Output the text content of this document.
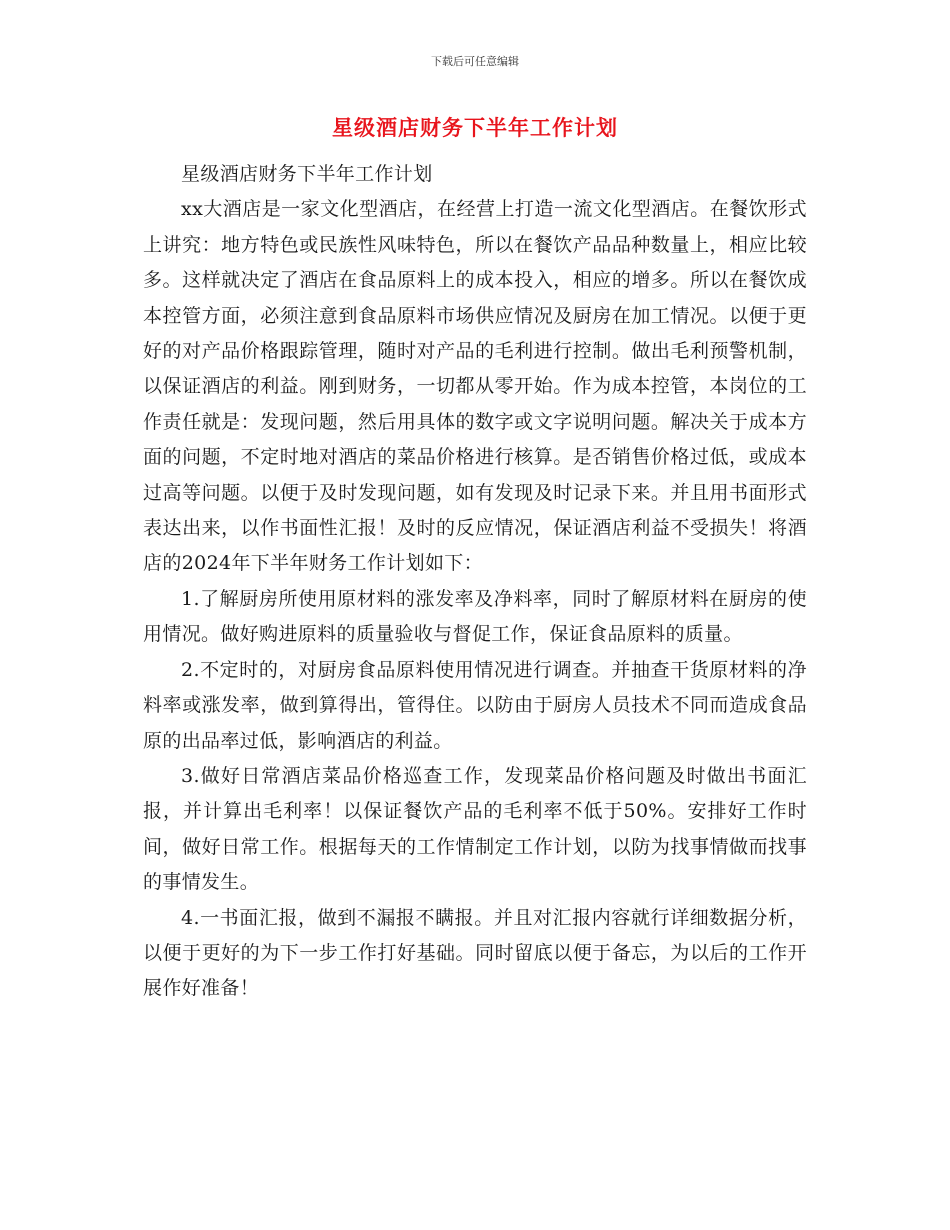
下载后可任意编辑
星级酒店财务下半年工作计划

星级酒店财务下半年工作计划

xx大酒店是一家文化型酒店，在经营上打造一流文化型酒店。在餐饮形式上讲究：地方特色或民族性风味特色，所以在餐饮产品品种数量上，相应比较多。这样就决定了酒店在食品原料上的成本投入，相应的增多。所以在餐饮成本控管方面，必须注意到食品原料市场供应情况及厨房在加工情况。以便于更好的对产品价格跟踪管理，随时对产品的毛利进行控制。做出毛利预警机制，以保证酒店的利益。刚到财务，一切都从零开始。作为成本控管，本岗位的工作责任就是：发现问题，然后用具体的数字或文字说明问题。解决关于成本方面的问题，不定时地对酒店的菜品价格进行核算。是否销售价格过低，或成本过高等问题。以便于及时发现问题，如有发现及时记录下来。并且用书面形式表达出来，以作书面性汇报！及时的反应情况，保证酒店利益不受损失！将酒店的2024年下半年财务工作计划如下：

1.了解厨房所使用原材料的涨发率及净料率，同时了解原材料在厨房的使用情况。做好购进原料的质量验收与督促工作，保证食品原料的质量。

2.不定时的，对厨房食品原料使用情况进行调查。并抽查干货原材料的净料率或涨发率，做到算得出，管得住。以防由于厨房人员技术不同而造成食品原的出品率过低，影响酒店的利益。

3.做好日常酒店菜品价格巡查工作，发现菜品价格问题及时做出书面汇报，并计算出毛利率！以保证餐饮产品的毛利率不低于50%。安排好工作时间，做好日常工作。根据每天的工作情制定工作计划，以防为找事情做而找事的事情发生。

4.一书面汇报，做到不漏报不瞒报。并且对汇报内容就行详细数据分析，以便于更好的为下一步工作打好基础。同时留底以便于备忘，为以后的工作开展作好准备！
